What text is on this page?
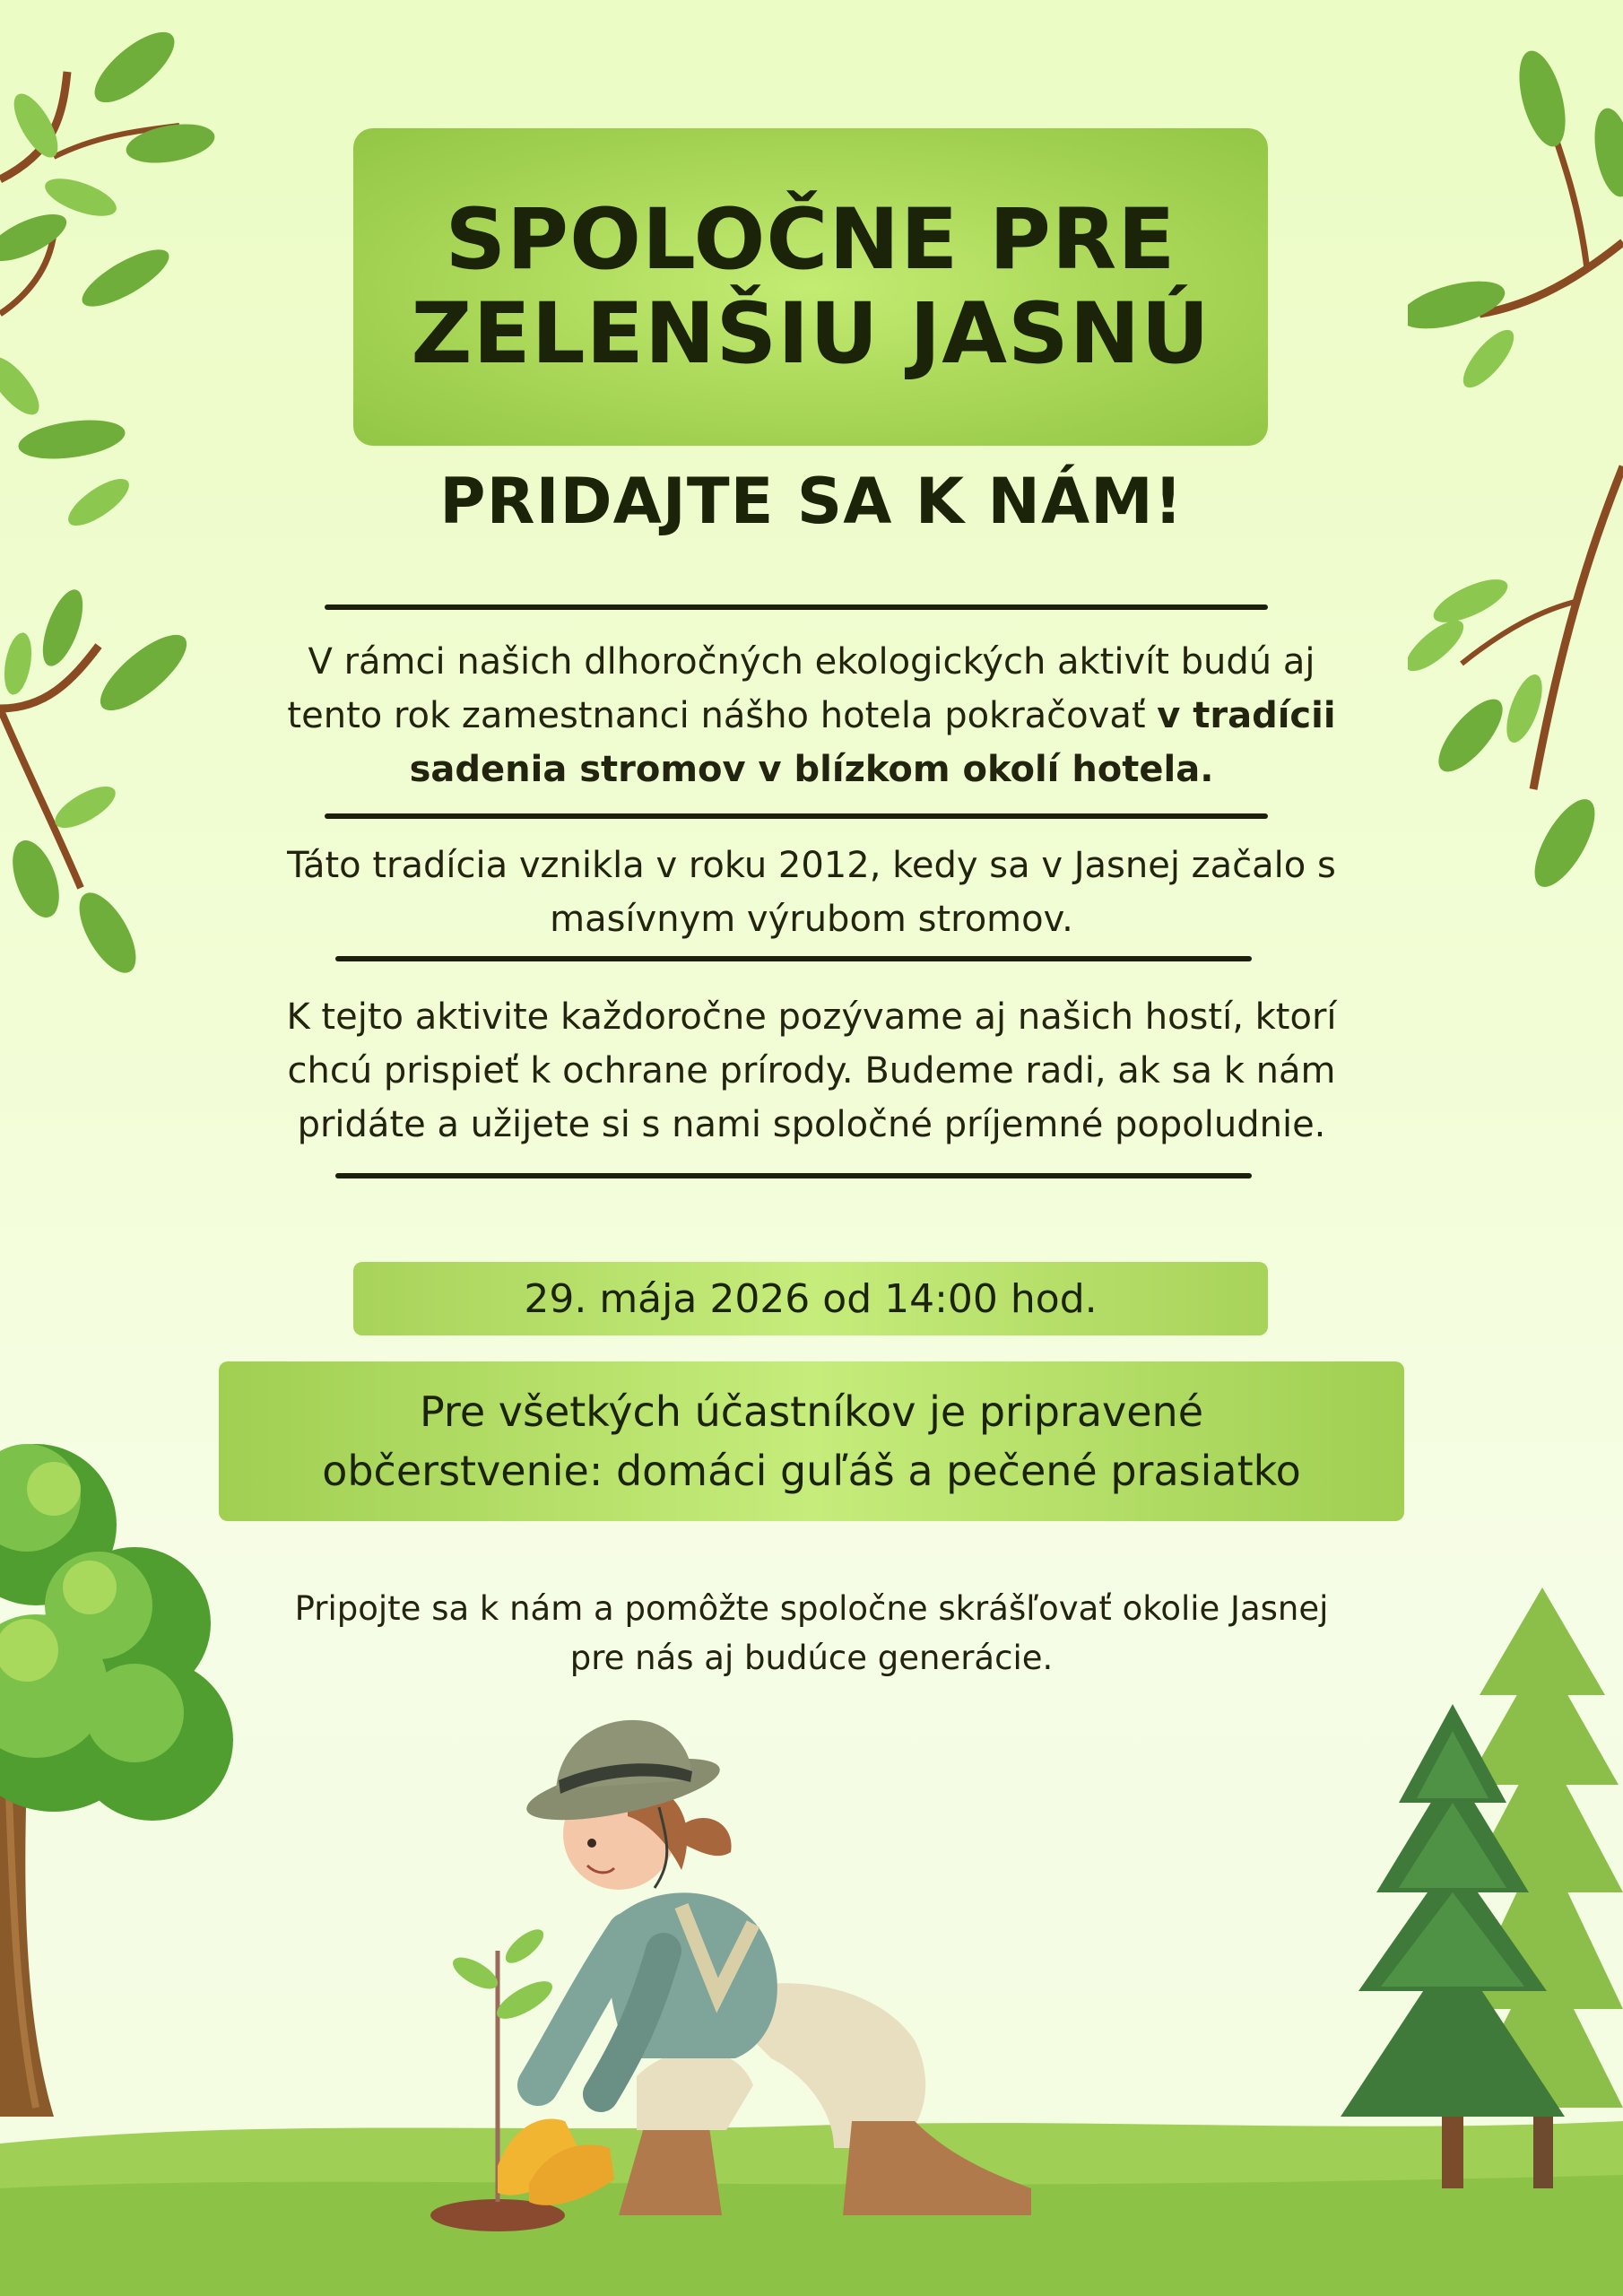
SPOLOČNE PRE
ZELENŠIU JASNÚ
PRIDAJTE SA K NÁM!
V rámci našich dlhoročných ekologických aktivít budú aj
tento rok zamestnanci nášho hotela pokračovať v tradícii
sadenia stromov v blízkom okolí hotela.
Táto tradícia vznikla v roku 2012, kedy sa v Jasnej začalo s
masívnym výrubom stromov.
K tejto aktivite každoročne pozývame aj našich hostí, ktorí
chcú prispieť k ochrane prírody. Budeme radi, ak sa k nám
pridáte a užijete si s nami spoločné príjemné popoludnie.
29. mája 2026 od 14:00 hod.
Pre všetkých účastníkov je pripravené
občerstvenie: domáci guľáš a pečené prasiatko
Pripojte sa k nám a pomôžte spoločne skrášľovať okolie Jasnej
pre nás aj budúce generácie.
